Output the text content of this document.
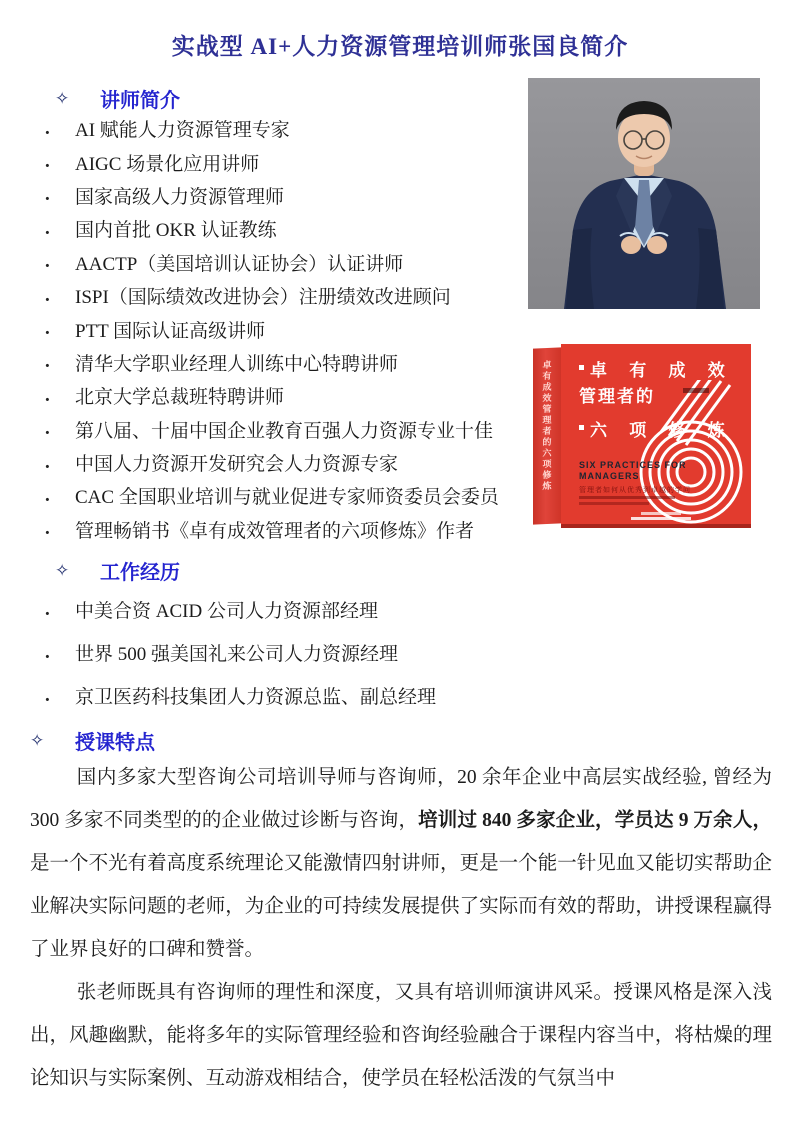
实战型 AI+人力资源管理培训师张国良简介
✧	讲师简介
.	AI 赋能人力资源管理专家
.	AIGC 场景化应用讲师
.	国家高级人力资源管理师
.	国内首批 OKR 认证教练
.	AACTP（美国培训认证协会）认证讲师
.	ISPI（国际绩效改进协会）注册绩效改进顾问
.	PTT 国际认证高级讲师
.	清华大学职业经理人训练中心特聘讲师
.	北京大学总裁班特聘讲师
.	第八届、十届中国企业教育百强人力资源专业十佳
.	中国人力资源开发研究会人力资源专家
.	CAC 全国职业培训与就业促进专家师资委员会委员
.	管理畅销书《卓有成效管理者的六项修炼》作者
✧	工作经历
.	中美合资 ACID 公司人力资源部经理
.	世界 500 强美国礼来公司人力资源经理
.	京卫医药科技集团人力资源总监、副总经理
✧	授课特点

国内多家大型咨询公司培训导师与咨询师，20 余年企业中高层实战经验, 曾经为 300 多家不同类型的的企业做过诊断与咨询，培训过 840 多家企业，学员达 9 万余人，是一个不光有着高度系统理论又能激情四射讲师，更是一个能一针见血又能切实帮助企业解决实际问题的老师，为企业的可持续发展提供了实际而有效的帮助，讲授课程赢得了业界良好的口碑和赞誉。

张老师既具有咨询师的理性和深度，又具有培训师演讲风采。授课风格是深入浅出，风趣幽默，能将多年的实际管理经验和咨询经验融合于课程内容当中，将枯燥的理论知识与实际案例、互动游戏相结合，使学员在轻松活泼的气氛当中

卓有成效管理者的六项修炼	卓 有 成 效
管理者的
六 项 修 炼
SIX PRACTICES FOR
MANAGERS
管理者如何从优秀到卓越的学问
